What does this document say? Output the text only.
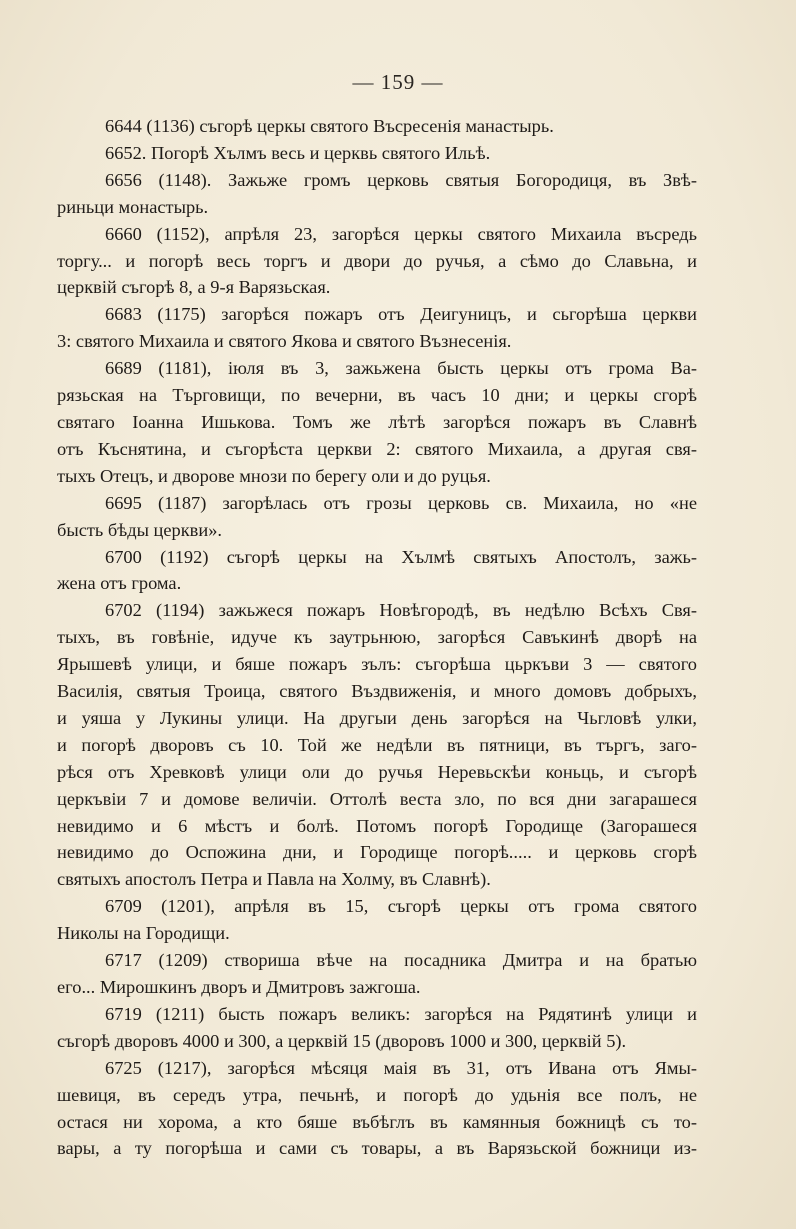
— 159 —
6644 (1136) съгорѣ церкы святого Въсресенія манастырь.
6652. Погорѣ Хълмъ весь и церквь святого Ильѣ.
6656 (1148). Зажьже громъ церковь святыя Богородиця, въ Звѣ-
риньци монастырь.
6660 (1152), апрѣля 23, загорѣся церкы святого Михаила въсредь
торгу... и погорѣ весь торгъ и двори до ручья, а сѣмо до Славьна, и
церквій съгорѣ 8, а 9-я Варязьская.
6683 (1175) загорѣся пожаръ отъ Деигуницъ, и сьгорѣша церкви
3: святого Михаила и святого Якова и святого Възнесенія.
6689 (1181), іюля въ 3, зажьжена бысть церкы отъ грома Ва-
рязьская на Търговищи, по вечерни, въ часъ 10 дни; и церкы сгорѣ
святаго Іоанна Ишькова. Томъ же лѣтѣ загорѣся пожаръ въ Славнѣ
отъ Къснятина, и съгорѣста церкви 2: святого Михаила, а другая свя-
тыхъ Отецъ, и дворове мнози по берегу оли и до руцья.
6695 (1187) загорѣлась отъ грозы церковь св. Михаила, но «не
бысть бѣды церкви».
6700 (1192) съгорѣ церкы на Хълмѣ святыхъ Апостолъ, зажь-
жена отъ грома.
6702 (1194) зажьжеся пожаръ Новѣгородѣ, въ недѣлю Всѣхъ Свя-
тыхъ, въ говѣніе, идуче къ заутрьнюю, загорѣся Савъкинѣ дворѣ на
Ярышевѣ улици, и бяше пожаръ зълъ: съгорѣша цьркъви 3 — святого
Василія, святыя Троица, святого Въздвиженія, и много домовъ добрыхъ,
и уяша у Лукины улици. На другыи день загорѣся на Чьгловѣ улки,
и погорѣ дворовъ съ 10. Той же недѣли въ пятници, въ търгъ, заго-
рѣся отъ Хревковѣ улици оли до ручья Неревьскѣи коньць, и съгорѣ
церкъвіи 7 и домове величіи. Оттолѣ веста зло, по вся дни загарашеся
невидимо и 6 мѣстъ и болѣ. Потомъ погорѣ Городище (Загорашеся
невидимо до Оспожина дни, и Городище погорѣ..... и церковь сгорѣ
святыхъ апостолъ Петра и Павла на Холму, въ Славнѣ).
6709 (1201), апрѣля въ 15, съгорѣ церкы отъ грома святого
Николы на Городищи.
6717 (1209) створиша вѣче на посадника Дмитра и на братью
его... Мирошкинъ дворъ и Дмитровъ зажгоша.
6719 (1211) бысть пожаръ великъ: загорѣся на Рядятинѣ улици и
съгорѣ дворовъ 4000 и 300, а церквій 15 (дворовъ 1000 и 300, церквій 5).
6725 (1217), загорѣся мѣсяця маія въ 31, отъ Ивана отъ Ямы-
шевиця, въ середъ утра, печьнѣ, и погорѣ до удьнія все полъ, не
остася ни хорома, а кто бяше въбѣглъ въ камянныя божницѣ съ то-
вары, а ту погорѣша и сами съ товары, а въ Варязьской божници из-
